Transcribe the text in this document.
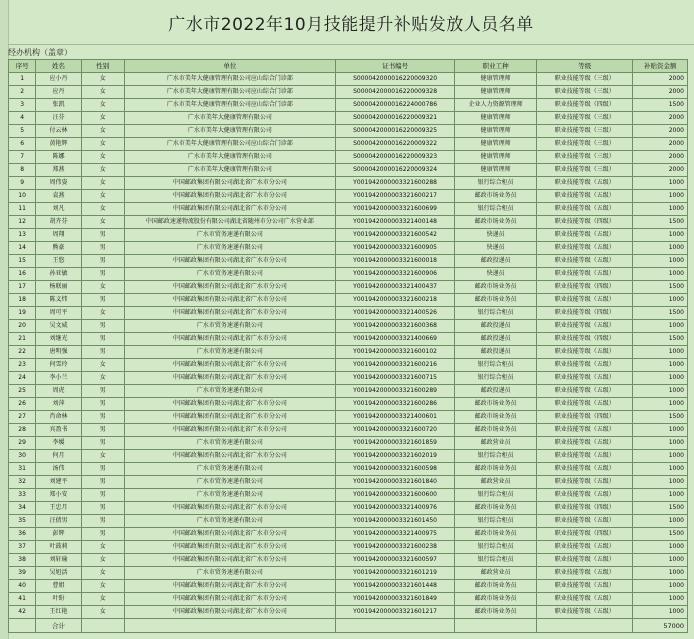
广水市2022年10月技能提升补贴发放人员名单
经办机构（盖章）
序号	姓名	性别	单位	证书编号	职业工种	等级	补贴资金额
1	应小丹	女	广水市美年大健康管理有限公司应山综合门诊部	S000042000016220009320	健康管理师	职业技能等级（三级）	2000
2	应丹	女	广水市美年大健康管理有限公司应山综合门诊部	S000042000016220009328	健康管理师	职业技能等级（三级）	2000
3	张凯	女	广水市美年大健康管理有限公司应山综合门诊部	S000042000016224000786	企业人力资源管理师	职业技能等级（四级）	1500
4	汪芬	女	广水市美年大健康管理有限公司	S000042000016220009321	健康管理师	职业技能等级（三级）	2000
5	付云林	女	广水市美年大健康管理有限公司	S000042000016220009325	健康管理师	职业技能等级（三级）	2000
6	黄艳辉	女	广水市美年大健康管理有限公司应山综合门诊部	S000042000016220009322	健康管理师	职业技能等级（三级）	2000
7	陈娜	女	广水市美年大健康管理有限公司	S000042000016220009323	健康管理师	职业技能等级（三级）	2000
8	郑燕	女	广水市美年大健康管理有限公司	S000042000016220009324	健康管理师	职业技能等级（三级）	2000
9	周伟姿	女	中国邮政集团有限公司湖北省广水市分公司	Y001942000003321600288	银行综合柜员	职业技能等级（五级）	1000
10	袁燕	女	中国邮政集团有限公司湖北省广水市分公司	Y001942000003321600217	邮政市场业务员	职业技能等级（五级）	1000
11	刘凡	女	中国邮政集团有限公司湖北省广水市分公司	Y001942000003321600699	银行综合柜员	职业技能等级（五级）	1000
12	胡卉芬	女	中国邮政速递物流股份有限公司湖北省随州市分公司广水营业部	Y001942000003321400148	邮政市场业务员	职业技能等级（四级）	1500
13	周翔	男	广水市贸务速递有限公司	Y001942000003321600542	快递员	职业技能等级（五级）	1000
14	熊豪	男	广水市贸务速递有限公司	Y001942000003321600905	快递员	职业技能等级（五级）	1000
15	王悠	男	中国邮政集团有限公司湖北省广水市分公司	Y001942000003321600018	邮政投递员	职业技能等级（五级）	1000
16	孙亚敏	男	广水市贸务速递有限公司	Y001942000003321600906	快递员	职业技能等级（五级）	1000
17	杨联丽	女	中国邮政集团有限公司湖北省广水市分公司	Y001942000003321400437	邮政市场业务员	职业技能等级（四级）	1500
18	陈义炜	男	中国邮政集团有限公司湖北省广水市分公司	Y001942000003321600218	邮政市场业务员	职业技能等级（五级）	1000
19	周可平	女	中国邮政集团有限公司湖北省广水市分公司	Y001942000003321400526	银行综合柜员	职业技能等级（四级）	1500
20	吴文威	男	广水市贸务速递有限公司	Y001942000003321600368	邮政投递员	职业技能等级（五级）	1000
21	刘继光	男	中国邮政集团有限公司湖北省广水市分公司	Y001942000003321400669	邮政投递员	职业技能等级（四级）	1500
22	唐明强	男	广水市贸务速递有限公司	Y001942000003321600102	邮政投递员	职业技能等级（五级）	1000
23	何雪玲	女	中国邮政集团有限公司湖北省广水市分公司	Y001942000003321600216	银行综合柜员	职业技能等级（五级）	1000
24	李小兰	女	中国邮政集团有限公司湖北省广水市分公司	Y001942000003321600715	银行综合柜员	职业技能等级（五级）	1000
25	周虎	男	广水市贸务速递有限公司	Y001942000003321600289	邮政投递员	职业技能等级（五级）	1000
26	刘萍	男	中国邮政集团有限公司湖北省广水市分公司	Y001942000003321600286	邮政市场业务员	职业技能等级（五级）	1000
27	肖命林	男	中国邮政集团有限公司湖北省广水市分公司	Y001942000003321400601	邮政市场业务员	职业技能等级（四级）	1500
28	宾盈书	男	中国邮政集团有限公司湖北省广水市分公司	Y001942000003321600720	邮政市场业务员	职业技能等级（五级）	1000
29	李媛	男	广水市贸务速递有限公司	Y001942000003321601859	邮政营业员	职业技能等级（五级）	1000
30	何月	女	中国邮政集团有限公司湖北省广水市分公司	Y001942000003321602019	银行综合柜员	职业技能等级（五级）	1000
31	汤伟	男	广水市贸务速递有限公司	Y001942000003321600598	邮政市场业务员	职业技能等级（五级）	1000
32	刘建平	男	广水市贸务速递有限公司	Y001942000003321601840	邮政营业员	职业技能等级（五级）	1000
33	郑小安	男	广水市贸务速递有限公司	Y001942000003321600600	银行综合柜员	职业技能等级（五级）	1000
34	王忠月	男	中国邮政集团有限公司湖北省广水市分公司	Y001942000003321400976	邮政市场业务员	职业技能等级（四级）	1500
35	汪倩男	男	广水市贸务速递有限公司	Y001942000003321601450	银行综合柜员	职业技能等级（五级）	1000
36	彭辉	男	中国邮政集团有限公司湖北省广水市分公司	Y001942000003321400975	邮政市场业务员	职业技能等级（四级）	1500
37	叶鼓莉	女	中国邮政集团有限公司湖北省广水市分公司	Y001942000003321600238	银行综合柜员	职业技能等级（五级）	1000
38	刘轩瑜	女	中国邮政集团有限公司湖北省广水市分公司	Y001942000003321600597	银行综合柜员	职业技能等级（五级）	1000
39	吴旭活	女	广水市贸务速递有限公司	Y001942000003321601219	邮政营业员	职业技能等级（五级）	1000
40	曹姐	女	中国邮政集团有限公司湖北省广水市分公司	Y001942000003321601448	邮政市场业务员	职业技能等级（五级）	1000
41	叶盼	女	中国邮政集团有限公司湖北省广水市分公司	Y001942000003321601849	邮政市场业务员	职业技能等级（五级）	1000
42	王红艳	女	中国邮政集团有限公司湖北省广水市分公司	Y001942000003321601217	邮政市场业务员	职业技能等级（五级）	1000
	合计						57000
